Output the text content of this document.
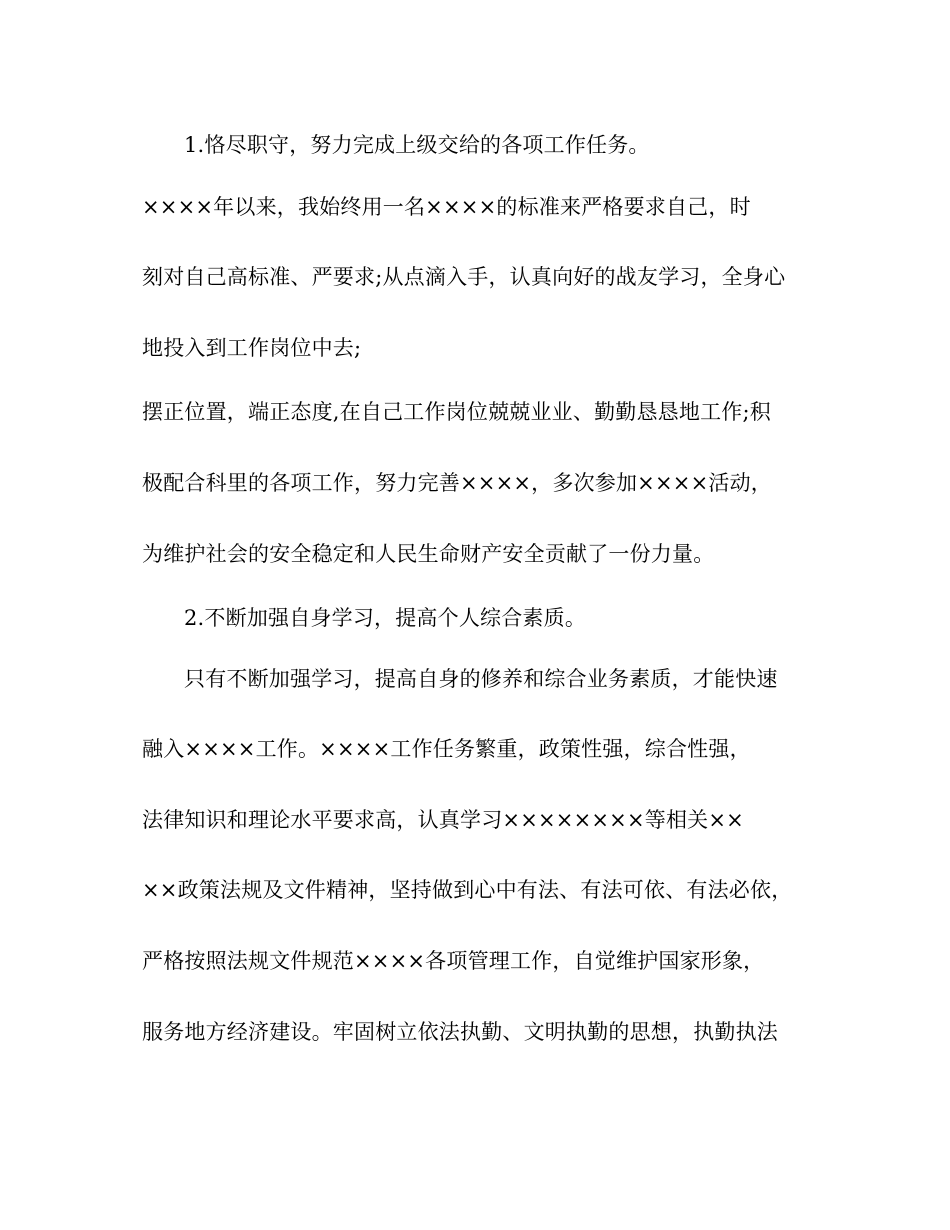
1.恪尽职守，努力完成上级交给的各项工作任务。
××××年以来，我始终用一名××××的标准来严格要求自己，时
刻对自己高标准、严要求;从点滴入手，认真向好的战友学习，全身心
地投入到工作岗位中去;
摆正位置，端正态度,在自己工作岗位兢兢业业、勤勤恳恳地工作;积
极配合科里的各项工作，努力完善××××，多次参加××××活动，
为维护社会的安全稳定和人民生命财产安全贡献了一份力量。
2.不断加强自身学习，提高个人综合素质。
只有不断加强学习，提高自身的修养和综合业务素质，才能快速
融入××××工作。××××工作任务繁重，政策性强，综合性强，
法律知识和理论水平要求高，认真学习××××××××等相关××
××政策法规及文件精神，坚持做到心中有法、有法可依、有法必依，
严格按照法规文件规范××××各项管理工作，自觉维护国家形象，
服务地方经济建设。牢固树立依法执勤、文明执勤的思想，执勤执法
